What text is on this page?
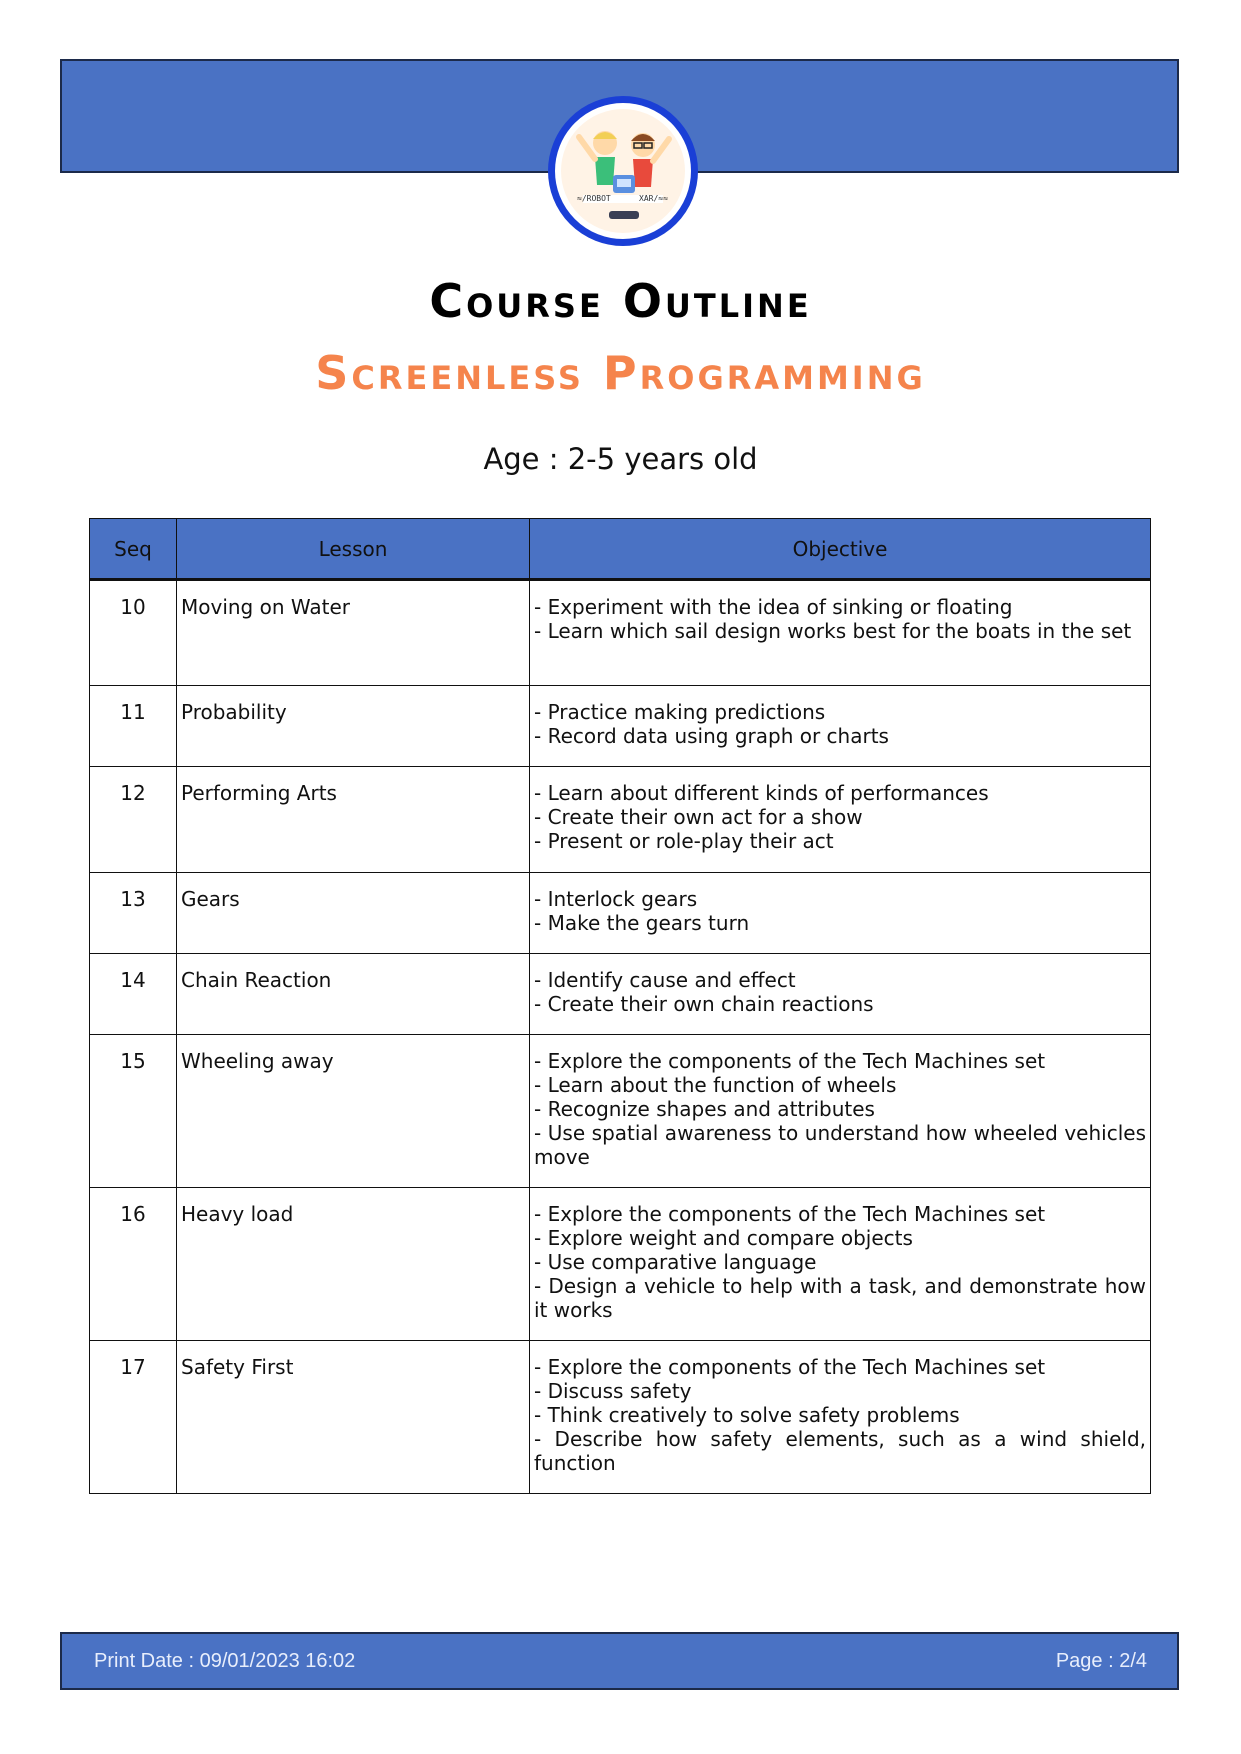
≈/ROBOT	XAR/≈≈
Course Outline
Screenless Programming
Age : 2-5 years old
Seq	Lesson	Objective
10	Moving on Water	- Experiment with the idea of sinking or floating
- Learn which sail design works best for the boats in the set

11	Probability	- Practice making predictions
- Record data using graph or charts

12	Performing Arts	- Learn about different kinds of performances
- Create their own act for a show
- Present or role-play their act

13	Gears	- Interlock gears
- Make the gears turn

14	Chain Reaction	- Identify cause and effect
- Create their own chain reactions

15	Wheeling away	- Explore the components of the Tech Machines set
- Learn about the function of wheels
- Recognize shapes and attributes
- Use spatial awareness to understand how wheeled vehicles move

16	Heavy load	- Explore the components of the Tech Machines set
- Explore weight and compare objects
- Use comparative language
- Design a vehicle to help with a task, and demonstrate how it works

17	Safety First	- Explore the components of the Tech Machines set
- Discuss safety
- Think creatively to solve safety problems
- Describe how safety elements, such as a wind shield, function
Print Date : 09/01/2023 16:02	Page : 2/4
